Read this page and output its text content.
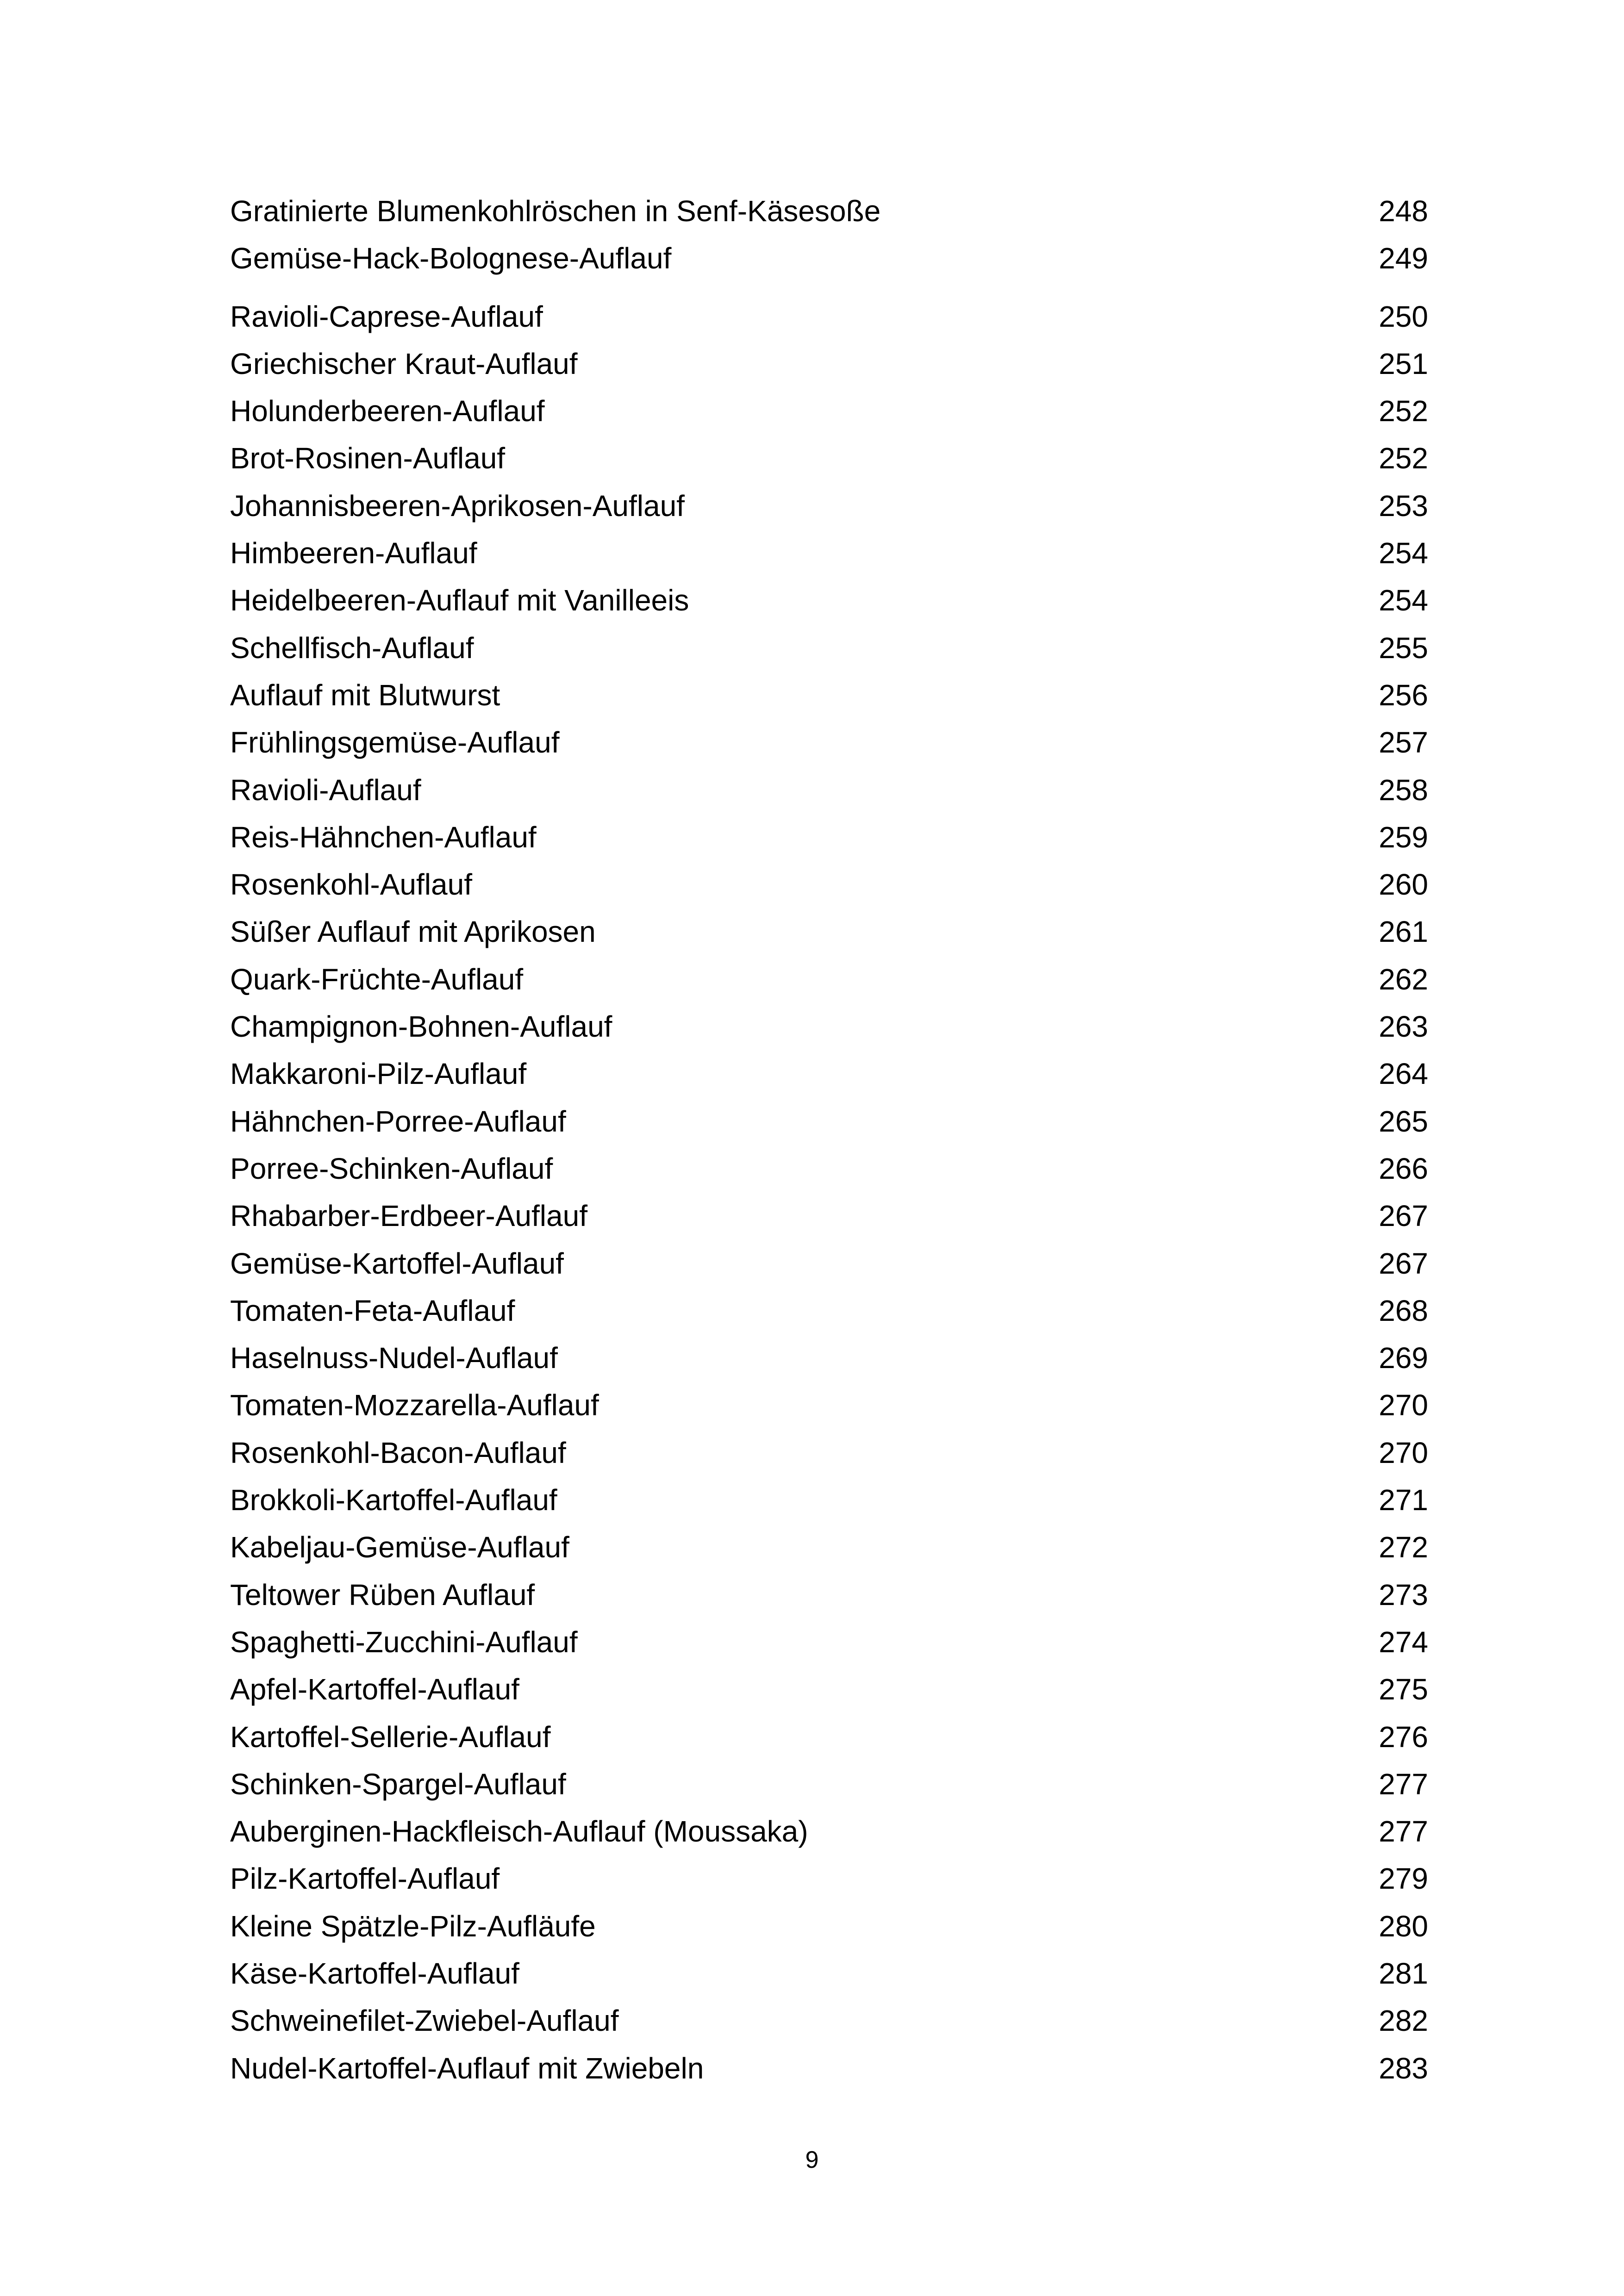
Gratinierte Blumenkohlröschen in Senf-Käsesoße	248
Gemüse-Hack-Bolognese-Auflauf	249
Ravioli-Caprese-Auflauf	250
Griechischer Kraut-Auflauf	251
Holunderbeeren-Auflauf	252
Brot-Rosinen-Auflauf	252
Johannisbeeren-Aprikosen-Auflauf	253
Himbeeren-Auflauf	254
Heidelbeeren-Auflauf mit Vanilleeis	254
Schellfisch-Auflauf	255
Auflauf mit Blutwurst	256
Frühlingsgemüse-Auflauf	257
Ravioli-Auflauf	258
Reis-Hähnchen-Auflauf	259
Rosenkohl-Auflauf	260
Süßer Auflauf mit Aprikosen	261
Quark-Früchte-Auflauf	262
Champignon-Bohnen-Auflauf	263
Makkaroni-Pilz-Auflauf	264
Hähnchen-Porree-Auflauf	265
Porree-Schinken-Auflauf	266
Rhabarber-Erdbeer-Auflauf	267
Gemüse-Kartoffel-Auflauf	267
Tomaten-Feta-Auflauf	268
Haselnuss-Nudel-Auflauf	269
Tomaten-Mozzarella-Auflauf	270
Rosenkohl-Bacon-Auflauf	270
Brokkoli-Kartoffel-Auflauf	271
Kabeljau-Gemüse-Auflauf	272
Teltower Rüben Auflauf	273
Spaghetti-Zucchini-Auflauf	274
Apfel-Kartoffel-Auflauf	275
Kartoffel-Sellerie-Auflauf	276
Schinken-Spargel-Auflauf	277
Auberginen-Hackfleisch-Auflauf (Moussaka)	277
Pilz-Kartoffel-Auflauf	279
Kleine Spätzle-Pilz-Aufläufe	280
Käse-Kartoffel-Auflauf	281
Schweinefilet-Zwiebel-Auflauf	282
Nudel-Kartoffel-Auflauf mit Zwiebeln	283
9
